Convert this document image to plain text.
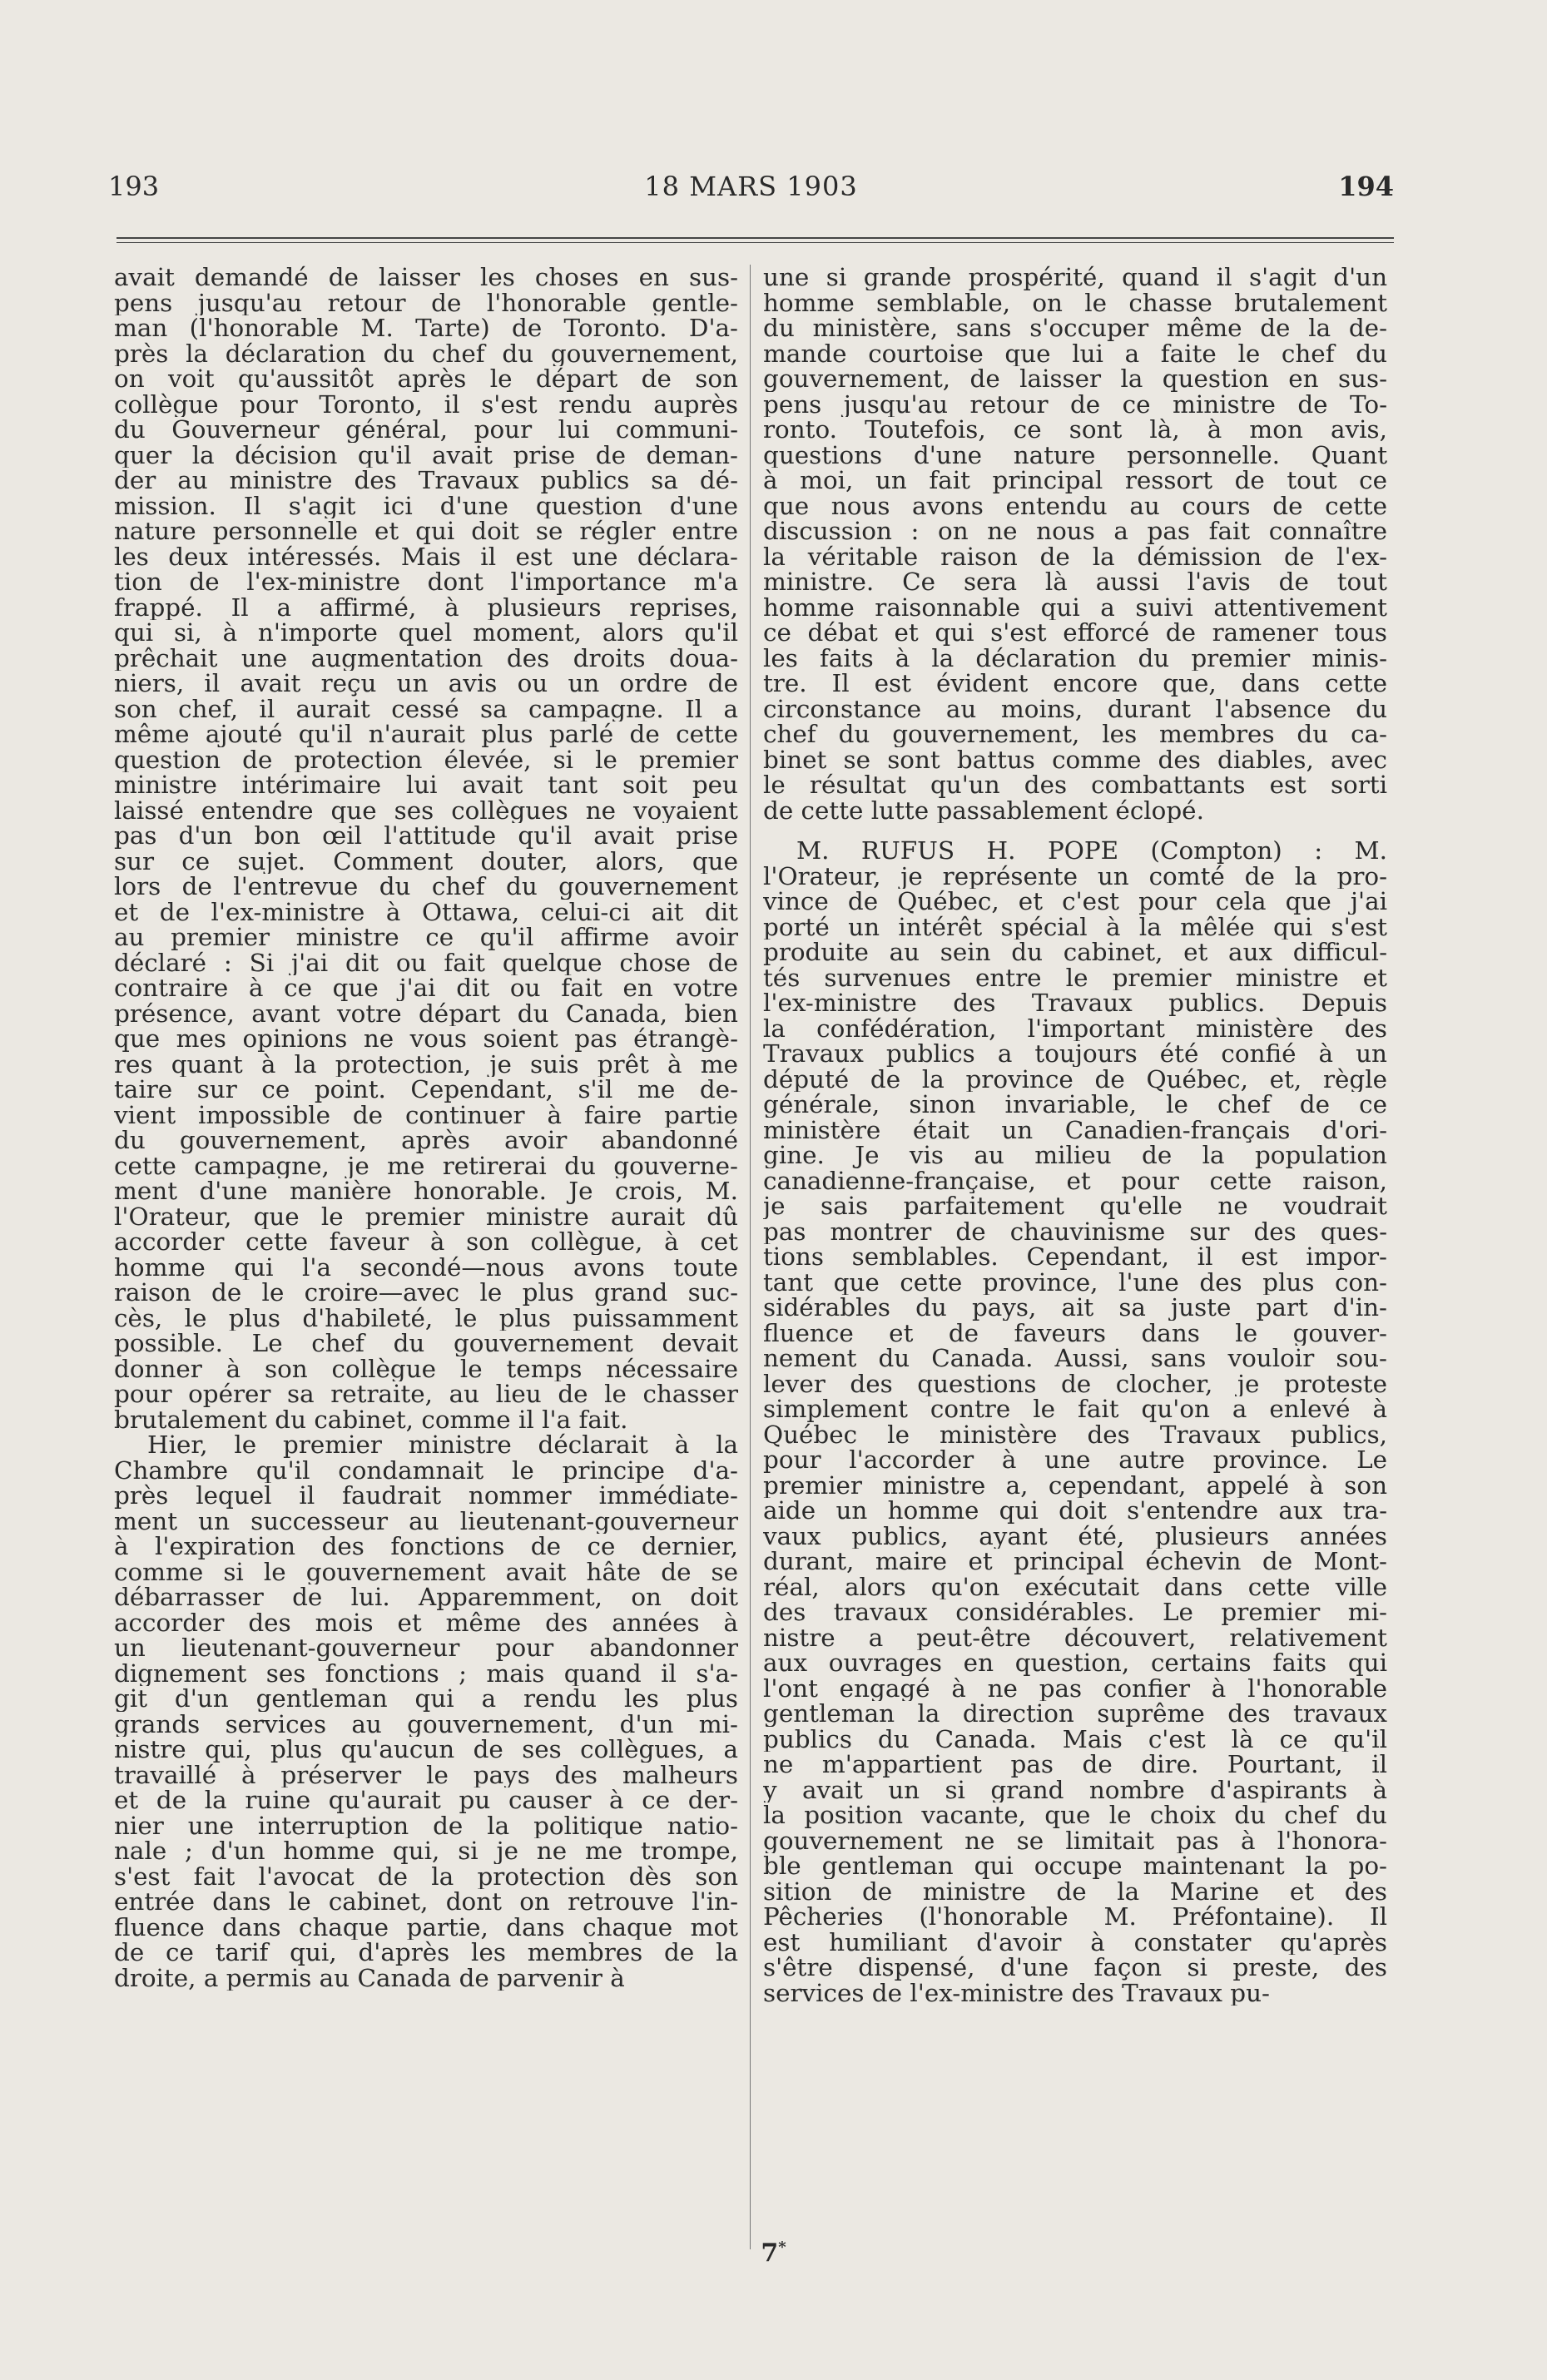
193	18 MARS 1903	194
avait demandé de laisser les choses en sus-
pens jusqu'au retour de l'honorable gentle-
man (l'honorable M. Tarte) de Toronto. D'a-
près la déclaration du chef du gouvernement,
on voit qu'aussitôt après le départ de son
collègue pour Toronto, il s'est rendu auprès
du Gouverneur général, pour lui communi-
quer la décision qu'il avait prise de deman-
der au ministre des Travaux publics sa dé-
mission. Il s'agit ici d'une question d'une
nature personnelle et qui doit se régler entre
les deux intéressés. Mais il est une déclara-
tion de l'ex-ministre dont l'importance m'a
frappé. Il a affirmé, à plusieurs reprises,
qui si, à n'importe quel moment, alors qu'il
prêchait une augmentation des droits doua-
niers, il avait reçu un avis ou un ordre de
son chef, il aurait cessé sa campagne. Il a
même ajouté qu'il n'aurait plus parlé de cette
question de protection élevée, si le premier
ministre intérimaire lui avait tant soit peu
laissé entendre que ses collègues ne voyaient
pas d'un bon œil l'attitude qu'il avait prise
sur ce sujet. Comment douter, alors, que
lors de l'entrevue du chef du gouvernement
et de l'ex-ministre à Ottawa, celui-ci ait dit
au premier ministre ce qu'il affirme avoir
déclaré : Si j'ai dit ou fait quelque chose de
contraire à ce que j'ai dit ou fait en votre
présence, avant votre départ du Canada, bien
que mes opinions ne vous soient pas étrangè-
res quant à la protection, je suis prêt à me
taire sur ce point. Cependant, s'il me de-
vient impossible de continuer à faire partie
du gouvernement, après avoir abandonné
cette campagne, je me retirerai du gouverne-
ment d'une manière honorable. Je crois, M.
l'Orateur, que le premier ministre aurait dû
accorder cette faveur à son collègue, à cet
homme qui l'a secondé—nous avons toute
raison de le croire—avec le plus grand suc-
cès, le plus d'habileté, le plus puissamment
possible. Le chef du gouvernement devait
donner à son collègue le temps nécessaire
pour opérer sa retraite, au lieu de le chasser
brutalement du cabinet, comme il l'a fait.
Hier, le premier ministre déclarait à la
Chambre qu'il condamnait le principe d'a-
près lequel il faudrait nommer immédiate-
ment un successeur au lieutenant-gouverneur
à l'expiration des fonctions de ce dernier,
comme si le gouvernement avait hâte de se
débarrasser de lui. Apparemment, on doit
accorder des mois et même des années à
un lieutenant-gouverneur pour abandonner
dignement ses fonctions ; mais quand il s'a-
git d'un gentleman qui a rendu les plus
grands services au gouvernement, d'un mi-
nistre qui, plus qu'aucun de ses collègues, a
travaillé à préserver le pays des malheurs
et de la ruine qu'aurait pu causer à ce der-
nier une interruption de la politique natio-
nale ; d'un homme qui, si je ne me trompe,
s'est fait l'avocat de la protection dès son
entrée dans le cabinet, dont on retrouve l'in-
fluence dans chaque partie, dans chaque mot
de ce tarif qui, d'après les membres de la
droite, a permis au Canada de parvenir à
une si grande prospérité, quand il s'agit d'un
homme semblable, on le chasse brutalement
du ministère, sans s'occuper même de la de-
mande courtoise que lui a faite le chef du
gouvernement, de laisser la question en sus-
pens jusqu'au retour de ce ministre de To-
ronto. Toutefois, ce sont là, à mon avis,
questions d'une nature personnelle. Quant
à moi, un fait principal ressort de tout ce
que nous avons entendu au cours de cette
discussion : on ne nous a pas fait connaître
la véritable raison de la démission de l'ex-
ministre. Ce sera là aussi l'avis de tout
homme raisonnable qui a suivi attentivement
ce débat et qui s'est efforcé de ramener tous
les faits à la déclaration du premier minis-
tre. Il est évident encore que, dans cette
circonstance au moins, durant l'absence du
chef du gouvernement, les membres du ca-
binet se sont battus comme des diables, avec
le résultat qu'un des combattants est sorti
de cette lutte passablement éclopé.
M. RUFUS H. POPE (Compton) : M.
l'Orateur, je représente un comté de la pro-
vince de Québec, et c'est pour cela que j'ai
porté un intérêt spécial à la mêlée qui s'est
produite au sein du cabinet, et aux difficul-
tés survenues entre le premier ministre et
l'ex-ministre des Travaux publics. Depuis
la confédération, l'important ministère des
Travaux publics a toujours été confié à un
député de la province de Québec, et, règle
générale, sinon invariable, le chef de ce
ministère était un Canadien-français d'ori-
gine. Je vis au milieu de la population
canadienne-française, et pour cette raison,
je sais parfaitement qu'elle ne voudrait
pas montrer de chauvinisme sur des ques-
tions semblables. Cependant, il est impor-
tant que cette province, l'une des plus con-
sidérables du pays, ait sa juste part d'in-
fluence et de faveurs dans le gouver-
nement du Canada. Aussi, sans vouloir sou-
lever des questions de clocher, je proteste
simplement contre le fait qu'on a enlevé à
Québec le ministère des Travaux publics,
pour l'accorder à une autre province. Le
premier ministre a, cependant, appelé à son
aide un homme qui doit s'entendre aux tra-
vaux publics, ayant été, plusieurs années
durant, maire et principal échevin de Mont-
réal, alors qu'on exécutait dans cette ville
des travaux considérables. Le premier mi-
nistre a peut-être découvert, relativement
aux ouvrages en question, certains faits qui
l'ont engagé à ne pas confier à l'honorable
gentleman la direction suprême des travaux
publics du Canada. Mais c'est là ce qu'il
ne m'appartient pas de dire. Pourtant, il
y avait un si grand nombre d'aspirants à
la position vacante, que le choix du chef du
gouvernement ne se limitait pas à l'honora-
ble gentleman qui occupe maintenant la po-
sition de ministre de la Marine et des
Pêcheries (l'honorable M. Préfontaine). Il
est humiliant d'avoir à constater qu'après
s'être dispensé, d'une façon si preste, des
services de l'ex-ministre des Travaux pu-
7*
